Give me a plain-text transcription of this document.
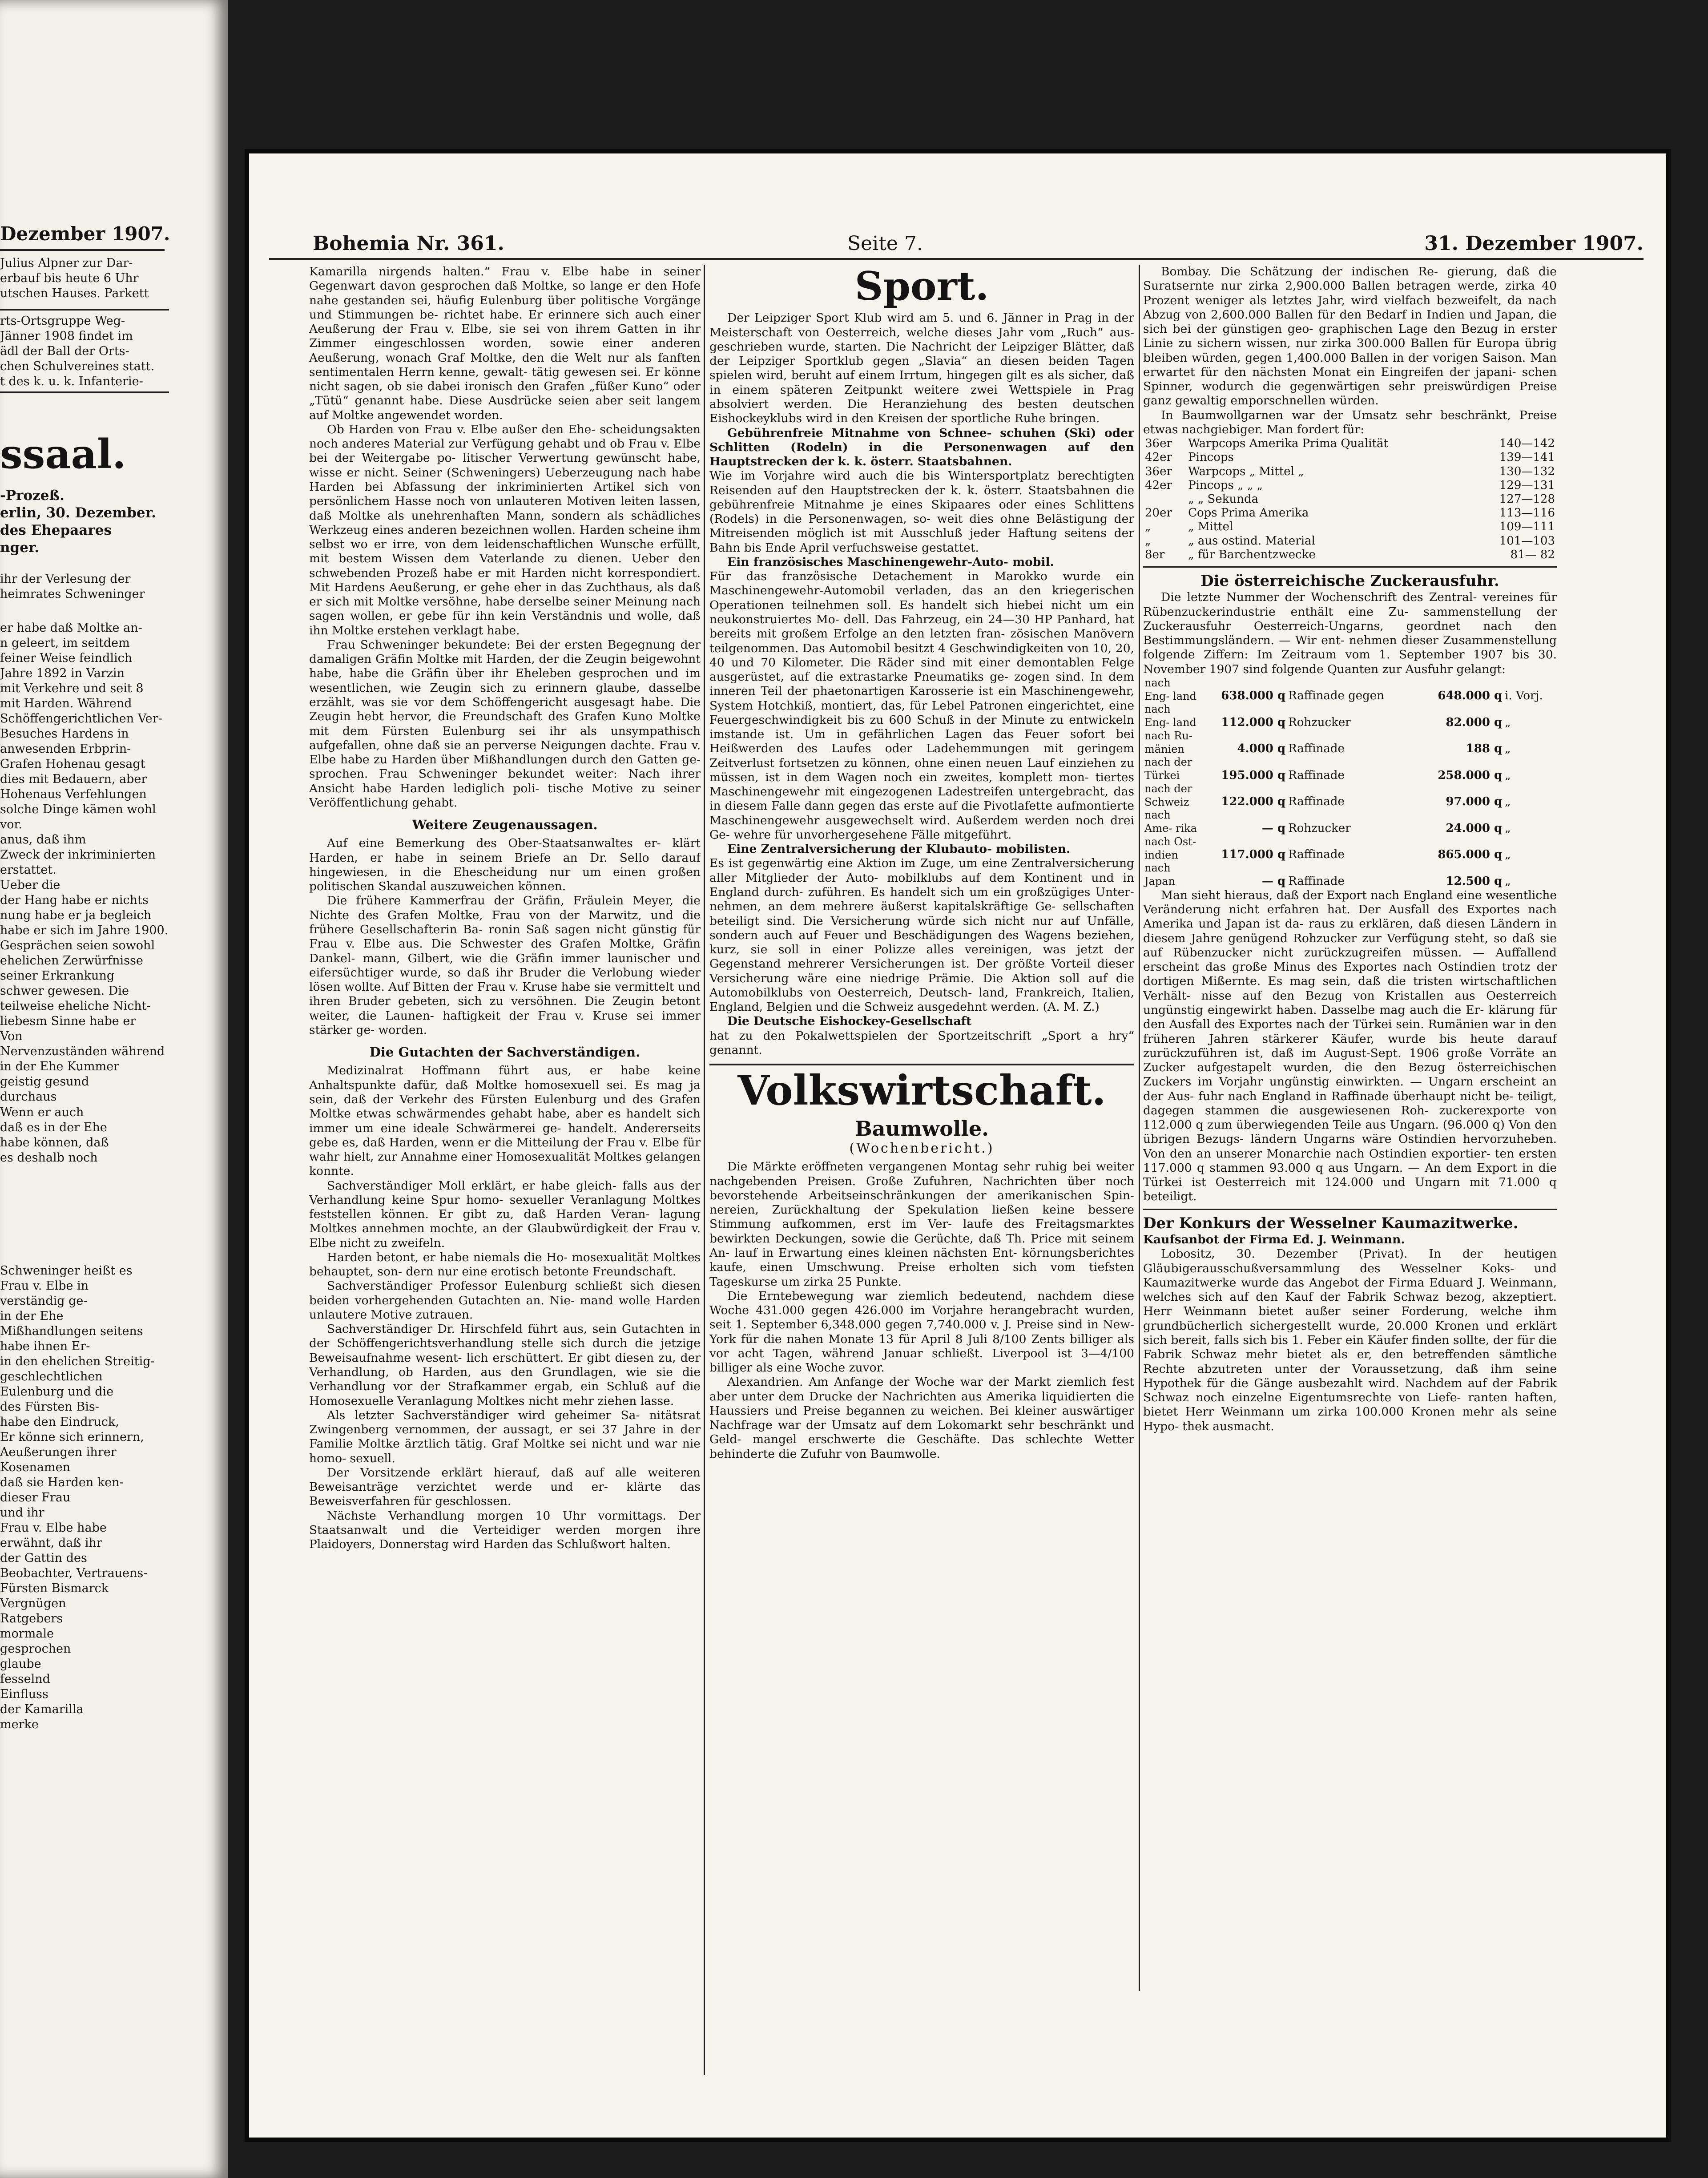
Dezember 1907.
Julius Alpner zur Dar-
erbauf bis heute 6 Uhr
utschen Hauses. Parkett
rts-Ortsgruppe Weg-
Jänner 1908 findet im
ädl der Ball der Orts-
chen Schulvereines statt.
t des k. u. k. Infanterie-
ssaal.
-Prozeß.
erlin, 30. Dezember.
des Ehepaares
nger.
ihr der Verlesung der
heimrates Schweninger
er habe daß Moltke an-
n geleert, im seitdem
feiner Weise feindlich
Jahre 1892 in Varzin
mit Verkehre und seit 8
mit Harden. Während
Schöffengerichtlichen Ver-
Besuches Hardens in
anwesenden Erbprin-
Grafen Hohenau gesagt
dies mit Bedauern, aber
Hohenaus Verfehlungen
solche Dinge kämen wohl
vor.
anus, daß ihm
Zweck der inkriminierten
erstattet.
Ueber die
der Hang habe er nichts
nung habe er ja begleich
habe er sich im Jahre 1900.
Gesprächen seien sowohl
ehelichen Zerwürfnisse
seiner Erkrankung
schwer gewesen. Die
teilweise eheliche Nicht-
liebesm Sinne habe er
Von
Nervenzuständen während
in der Ehe Kummer
geistig gesund
durchaus
Wenn er auch
daß es in der Ehe
habe können, daß
es deshalb noch
Schweninger heißt es
Frau v. Elbe in
verständig ge-
in der Ehe
Mißhandlungen seitens
habe ihnen Er-
in den ehelichen Streitig-
geschlechtlichen
Eulenburg und die
des Fürsten Bis-
habe den Eindruck,
Er könne sich erinnern,
Aeußerungen ihrer
Kosenamen
daß sie Harden ken-
dieser Frau
und ihr
Frau v. Elbe habe
erwähnt, daß ihr
der Gattin des
Beobachter, Vertrauens-
Fürsten Bismarck
Vergnügen
Ratgebers
mormale
gesprochen
glaube
fesselnd
Einfluss
der Kamarilla
merke
Bohemia Nr. 361.	Seite 7.	31. Dezember 1907.
Kamarilla nirgends halten.“ Frau v. Elbe habe in seiner Gegenwart davon gesprochen daß Moltke, so lange er den Hofe nahe gestanden sei, häufig Eulenburg über politische Vorgänge und Stimmungen be- richtet habe. Er erinnere sich auch einer Aeußerung der Frau v. Elbe, sie sei von ihrem Gatten in ihr Zimmer eingeschlossen worden, sowie einer anderen Aeußerung, wonach Graf Moltke, den die Welt nur als fanften sentimentalen Herrn kenne, gewalt- tätig gewesen sei. Er könne nicht sagen, ob sie dabei ironisch den Grafen „füßer Kuno“ oder „Tütü“ genannt habe. Diese Ausdrücke seien aber seit langem auf Moltke angewendet worden.
Ob Harden von Frau v. Elbe außer den Ehe- scheidungsakten noch anderes Material zur Verfügung gehabt und ob Frau v. Elbe bei der Weitergabe po- litischer Verwertung gewünscht habe, wisse er nicht. Seiner (Schweningers) Ueberzeugung nach habe Harden bei Abfassung der inkriminierten Artikel sich von persönlichem Hasse noch von unlauteren Motiven leiten lassen, daß Moltke als unehrenhaften Mann, sondern als schädliches Werkzeug eines anderen bezeichnen wollen. Harden scheine ihm selbst wo er irre, von dem leidenschaftlichen Wunsche erfüllt, mit bestem Wissen dem Vaterlande zu dienen. Ueber den schwebenden Prozeß habe er mit Harden nicht korrespondiert. Mit Hardens Aeußerung, er gehe eher in das Zuchthaus, als daß er sich mit Moltke versöhne, habe derselbe seiner Meinung nach sagen wollen, er gebe für ihn kein Verständnis und wolle, daß ihn Moltke erstehen verklagt habe.
Frau Schweninger bekundete: Bei der ersten Begegnung der damaligen Gräfin Moltke mit Harden, der die Zeugin beigewohnt habe, habe die Gräfin über ihr Eheleben gesprochen und im wesentlichen, wie Zeugin sich zu erinnern glaube, dasselbe erzählt, was sie vor dem Schöffengericht ausgesagt habe. Die Zeugin hebt hervor, die Freundschaft des Grafen Kuno Moltke mit dem Fürsten Eulenburg sei ihr als unsympathisch aufgefallen, ohne daß sie an perverse Neigungen dachte. Frau v. Elbe habe zu Harden über Mißhandlungen durch den Gatten ge- sprochen. Frau Schweninger bekundet weiter: Nach ihrer Ansicht habe Harden lediglich poli- tische Motive zu seiner Veröffentlichung gehabt.
Weitere Zeugenaussagen.
Auf eine Bemerkung des Ober-Staatsanwaltes er- klärt Harden, er habe in seinem Briefe an Dr. Sello darauf hingewiesen, in die Ehescheidung nur um einen großen politischen Skandal auszuweichen können.
Die frühere Kammerfrau der Gräfin, Fräulein Meyer, die Nichte des Grafen Moltke, Frau von der Marwitz, und die frühere Gesellschafterin Ba- ronin Saß sagen nicht günstig für Frau v. Elbe aus. Die Schwester des Grafen Moltke, Gräfin Dankel- mann, Gilbert, wie die Gräfin immer launischer und eifersüchtiger wurde, so daß ihr Bruder die Verlobung wieder lösen wollte. Auf Bitten der Frau v. Kruse habe sie vermittelt und ihren Bruder gebeten, sich zu versöhnen. Die Zeugin betont weiter, die Launen- haftigkeit der Frau v. Kruse sei immer stärker ge- worden.
Die Gutachten der Sachverständigen.
Medizinalrat Hoffmann führt aus, er habe keine Anhaltspunkte dafür, daß Moltke homosexuell sei. Es mag ja sein, daß der Verkehr des Fürsten Eulenburg und des Grafen Moltke etwas schwärmendes gehabt habe, aber es handelt sich immer um eine ideale Schwärmerei ge- handelt. Andererseits gebe es, daß Harden, wenn er die Mitteilung der Frau v. Elbe für wahr hielt, zur Annahme einer Homosexualität Moltkes gelangen konnte.
Sachverständiger Moll erklärt, er habe gleich- falls aus der Verhandlung keine Spur homo- sexueller Veranlagung Moltkes feststellen können. Er gibt zu, daß Harden Veran- lagung Moltkes annehmen mochte, an der Glaubwürdigkeit der Frau v. Elbe nicht zu zweifeln.
Harden betont, er habe niemals die Ho- mosexualität Moltkes behauptet, son- dern nur eine erotisch betonte Freundschaft.
Sachverständiger Professor Eulenburg schließt sich diesen beiden vorhergehenden Gutachten an. Nie- mand wolle Harden unlautere Motive zutrauen.
Sachverständiger Dr. Hirschfeld führt aus, sein Gutachten in der Schöffengerichtsverhandlung stelle sich durch die jetzige Beweisaufnahme wesent- lich erschüttert. Er gibt diesen zu, der Verhandlung, ob Harden, aus den Grundlagen, wie sie die Verhandlung vor der Strafkammer ergab, ein Schluß auf die Homosexuelle Veranlagung Moltkes nicht mehr ziehen lasse.
Als letzter Sachverständiger wird geheimer Sa- nitätsrat Zwingenberg vernommen, der aussagt, er sei 37 Jahre in der Familie Moltke ärztlich tätig. Graf Moltke sei nicht und war nie homo- sexuell.
Der Vorsitzende erklärt hierauf, daß auf alle weiteren Beweisanträge verzichtet werde und er- klärte das Beweisverfahren für geschlossen.
Nächste Verhandlung morgen 10 Uhr vormittags. Der Staatsanwalt und die Verteidiger werden morgen ihre Plaidoyers, Donnerstag wird Harden das Schlußwort halten.
Sport.
Der Leipziger Sport Klub wird am 5. und 6. Jänner in Prag in der Meisterschaft von Oesterreich, welche dieses Jahr vom „Ruch“ aus- geschrieben wurde, starten. Die Nachricht der Leipziger Blätter, daß der Leipziger Sportklub gegen „Slavia“ an diesen beiden Tagen spielen wird, beruht auf einem Irrtum, hingegen gilt es als sicher, daß in einem späteren Zeitpunkt weitere zwei Wettspiele in Prag absolviert werden. Die Heranziehung des besten deutschen Eishockeyklubs wird in den Kreisen der sportliche Ruhe bringen.
Gebührenfreie Mitnahme von Schnee- schuhen (Ski) oder Schlitten (Rodeln) in die Personenwagen auf den Hauptstrecken der k. k. österr. Staatsbahnen.
Wie im Vorjahre wird auch die bis Wintersportplatz berechtigten Reisenden auf den Hauptstrecken der k. k. österr. Staatsbahnen die gebührenfreie Mitnahme je eines Skipaares oder eines Schlittens (Rodels) in die Personenwagen, so- weit dies ohne Belästigung der Mitreisenden möglich ist mit Ausschluß jeder Haftung seitens der Bahn bis Ende April verfuchsweise gestattet.
Ein französisches Maschinengewehr-Auto- mobil.
Für das französische Detachement in Marokko wurde ein Maschinengewehr-Automobil verladen, das an den kriegerischen Operationen teilnehmen soll. Es handelt sich hiebei nicht um ein neukonstruiertes Mo- dell. Das Fahrzeug, ein 24—30 HP Panhard, hat bereits mit großem Erfolge an den letzten fran- zösischen Manövern teilgenommen. Das Automobil besitzt 4 Geschwindigkeiten von 10, 20, 40 und 70 Kilometer. Die Räder sind mit einer demontablen Felge ausgerüstet, auf die extrastarke Pneumatiks ge- zogen sind. In dem inneren Teil der phaetonartigen Karosserie ist ein Maschinengewehr, System Hotchkiß, montiert, das, für Lebel Patronen eingerichtet, eine Feuergeschwindigkeit bis zu 600 Schuß in der Minute zu entwickeln imstande ist. Um in gefährlichen Lagen das Feuer sofort bei Heißwerden des Laufes oder Ladehemmungen mit geringem Zeitverlust fortsetzen zu können, ohne einen neuen Lauf einziehen zu müssen, ist in dem Wagen noch ein zweites, komplett mon- tiertes Maschinengewehr mit eingezogenen Ladestreifen untergebracht, das in diesem Falle dann gegen das erste auf die Pivotlafette aufmontierte Maschinengewehr ausgewechselt wird. Außerdem werden noch drei Ge- wehre für unvorhergesehene Fälle mitgeführt.
Eine Zentralversicherung der Klubauto- mobilisten.
Es ist gegenwärtig eine Aktion im Zuge, um eine Zentralversicherung aller Mitglieder der Auto- mobilklubs auf dem Kontinent und in England durch- zuführen. Es handelt sich um ein großzügiges Unter- nehmen, an dem mehrere äußerst kapitalskräftige Ge- sellschaften beteiligt sind. Die Versicherung würde sich nicht nur auf Unfälle, sondern auch auf Feuer und Beschädigungen des Wagens beziehen, kurz, sie soll in einer Polizze alles vereinigen, was jetzt der Gegenstand mehrerer Versicherungen ist. Der größte Vorteil dieser Versicherung wäre eine niedrige Prämie. Die Aktion soll auf die Automobilklubs von Oesterreich, Deutsch- land, Frankreich, Italien, England, Belgien und die Schweiz ausgedehnt werden. (A. M. Z.)
Die Deutsche Eishockey-Gesellschaft
hat zu den Pokalwettspielen der Sportzeitschrift „Sport a hry“ genannt.
Volkswirtschaft.
Baumwolle.
(Wochenbericht.)
Die Märkte eröffneten vergangenen Montag sehr ruhig bei weiter nachgebenden Preisen. Große Zufuhren, Nachrichten über noch bevorstehende Arbeitseinschränkungen der amerikanischen Spin- nereien, Zurückhaltung der Spekulation ließen keine bessere Stimmung aufkommen, erst im Ver- laufe des Freitagsmarktes bewirkten Deckungen, sowie die Gerüchte, daß Th. Price mit seinem An- lauf in Erwartung eines kleinen nächsten Ent- körnungsberichtes kaufe, einen Umschwung. Preise erholten sich vom tiefsten Tageskurse um zirka 25 Punkte.
Die Erntebewegung war ziemlich bedeutend, nachdem diese Woche 431.000 gegen 426.000 im Vorjahre herangebracht wurden, seit 1. September 6,348.000 gegen 7,740.000 v. J. Preise sind in New-York für die nahen Monate 13 für April 8 Juli 8/100 Zents billiger als vor acht Tagen, während Januar schließt. Liverpool ist 3—4/100 billiger als eine Woche zuvor.
Alexandrien. Am Anfange der Woche war der Markt ziemlich fest aber unter dem Drucke der Nachrichten aus Amerika liquidierten die Haussiers und Preise begannen zu weichen. Bei kleiner auswärtiger Nachfrage war der Umsatz auf dem Lokomarkt sehr beschränkt und Geld- mangel erschwerte die Geschäfte. Das schlechte Wetter behinderte die Zufuhr von Baumwolle.
Bombay. Die Schätzung der indischen Re- gierung, daß die Suratsernte nur zirka 2,900.000 Ballen betragen werde, zirka 40 Prozent weniger als letztes Jahr, wird vielfach bezweifelt, da nach Abzug von 2,600.000 Ballen für den Bedarf in Indien und Japan, die sich bei der günstigen geo- graphischen Lage den Bezug in erster Linie zu sichern wissen, nur zirka 300.000 Ballen für Europa übrig bleiben würden, gegen 1,400.000 Ballen in der vorigen Saison. Man erwartet für den nächsten Monat ein Eingreifen der japani- schen Spinner, wodurch die gegenwärtigen sehr preiswürdigen Preise ganz gewaltig emporschnellen würden.
In Baumwollgarnen war der Umsatz sehr beschränkt, Preise etwas nachgiebiger. Man fordert für:
36er	Warpcops Amerika Prima Qualität	140—142
42er	Pincops	139—141
36er	Warpcops „ Mittel „	130—132
42er	Pincops „ „ „	129—131
	„ „ Sekunda	127—128
20er	Cops Prima Amerika	113—116
„	„ Mittel	109—111
„	„ aus ostind. Material	101—103
8er	„ für Barchentzwecke	81— 82
Die österreichische Zuckerausfuhr.
Die letzte Nummer der Wochenschrift des Zentral- vereines für Rübenzuckerindustrie enthält eine Zu- sammenstellung der Zuckerausfuhr Oesterreich-Ungarns, geordnet nach den Bestimmungsländern. — Wir ent- nehmen dieser Zusammenstellung folgende Ziffern: Im Zeitraum vom 1. September 1907 bis 30. November 1907 sind folgende Quanten zur Ausfuhr gelangt:
nach Eng- land	638.000 q	Raffinade gegen	648.000 q	i. Vorj.
nach Eng- land	112.000 q	Rohzucker	82.000 q	„
nach Ru- mänien	4.000 q	Raffinade	188 q	„
nach der Türkei	195.000 q	Raffinade	258.000 q	„
nach der Schweiz	122.000 q	Raffinade	97.000 q	„
nach Ame- rika	— q	Rohzucker	24.000 q	„
nach Ost- indien	117.000 q	Raffinade	865.000 q	„
nach Japan	— q	Raffinade	12.500 q	„
Man sieht hieraus, daß der Export nach England eine wesentliche Veränderung nicht erfahren hat. Der Ausfall des Exportes nach Amerika und Japan ist da- raus zu erklären, daß diesen Ländern in diesem Jahre genügend Rohzucker zur Verfügung steht, so daß sie auf Rübenzucker nicht zurückzugreifen müssen. — Auffallend erscheint das große Minus des Exportes nach Ostindien trotz der dortigen Mißernte. Es mag sein, daß die tristen wirtschaftlichen Verhält- nisse auf den Bezug von Kristallen aus Oesterreich ungünstig eingewirkt haben. Dasselbe mag auch die Er- klärung für den Ausfall des Exportes nach der Türkei sein. Rumänien war in den früheren Jahren stärkerer Käufer, wurde bis heute darauf zurückzuführen ist, daß im August-Sept. 1906 große Vorräte an Zucker aufgestapelt wurden, die den Bezug österreichischen Zuckers im Vorjahr ungünstig einwirkten. — Ungarn erscheint an der Aus- fuhr nach England in Raffinade überhaupt nicht be- teiligt, dagegen stammen die ausgewiesenen Roh- zuckerexporte von 112.000 q zum überwiegenden Teile aus Ungarn. (96.000 q) Von den übrigen Bezugs- ländern Ungarns wäre Ostindien hervorzuheben. Von den an unserer Monarchie nach Ostindien exportier- ten ersten 117.000 q stammen 93.000 q aus Ungarn. — An dem Export in die Türkei ist Oesterreich mit 124.000 und Ungarn mit 71.000 q beteiligt.
Der Konkurs der Wesselner Kaumazitwerke.
Kaufsanbot der Firma Ed. J. Weinmann.
Lobositz, 30. Dezember (Privat). In der heutigen Gläubigerausschußversammlung des Wesselner Koks- und Kaumazitwerke wurde das Angebot der Firma Eduard J. Weinmann, welches sich auf den Kauf der Fabrik Schwaz bezog, akzeptiert. Herr Weinmann bietet außer seiner Forderung, welche ihm grundbücherlich sichergestellt wurde, 20.000 Kronen und erklärt sich bereit, falls sich bis 1. Feber ein Käufer finden sollte, der für die Fabrik Schwaz mehr bietet als er, den betreffenden sämtliche Rechte abzutreten unter der Voraussetzung, daß ihm seine Hypothek für die Gänge ausbezahlt wird. Nachdem auf der Fabrik Schwaz noch einzelne Eigentumsrechte von Liefe- ranten haften, bietet Herr Weinmann um zirka 100.000 Kronen mehr als seine Hypo- thek ausmacht.
